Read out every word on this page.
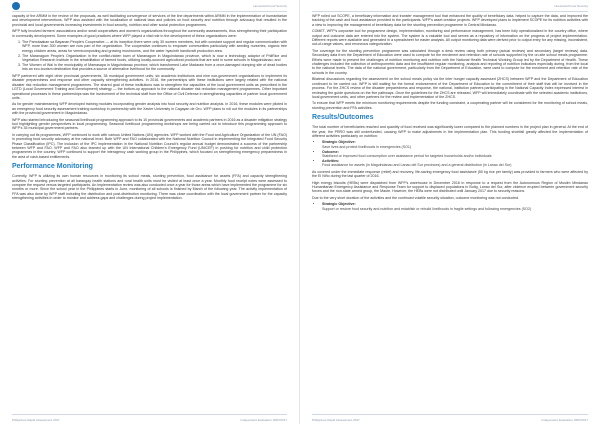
Household Food Security

capacity of the ARMM in the review of the proposals, as well facilitating convergence of services of the line departments within ARMM in the implementation of humanitarian and development interventions. WFP also assisted with the localization of national laws and policies on food security and nutrition through advocacy that resulted in the provincial and local governments increasing investments in food security, nutrition and other social protection programmes.

WFP fully involved farmers' associations and/or small cooperatives and women's organizations throughout the community assessments, thus strengthening their participation in community development. Some examples of good practices where WFP played a vital role in the development of these organizations were:

1. The Pamulaakan sa Bayanan People's Cooperative — at its inception there were only 30 women members, but with constant support and regular communication with WFP, more than 300 women are now part of the organization. The cooperative continues to empower communities particularly with seeding nurseries, organic tree energy chicken areas, areas for vermicomposting and growing mushrooms, and the water hyacinth handicraft production area.
2. The Maranagum People's Organization in the conflict-ridden town of Maranagum in Maguindanao province, which is now a technology adaptor of PhilRice and Vegetation Research Institute in the rehabilitation of farmed foods, utilizing locally-sourced agricultural products that are sold in some schools in Maguindanao; and
3. The Women of Wai in the municipality of Mamasapa in Maguindanao province, which transformed Lake Madaraw from a once-damaged dumping site of dead bodies into an eco-tourism destination that provides a source of alternative livelihood for the community.

WFP partnered with eight other provincial governments, 38 municipal government units, six academic institutions and nine non-government organizations to implement its disaster preparedness and response and other capacity strengthening activities. In 2016, the partnerships with these institutions were largely related with the national disaster risk reduction management programmes. The shared goal of these institutions was to strengthen the capacities of the local government units as prescribed in the LGTD (Local Government Training and Development) strategy — the bottom-up approach to the national disaster risk reduction management programmes. Other important operational processes in these partnerships was the involvement of the technical staff from the Office of Civil Defense in strengthening capacities of partner local government units.

As for gender mainstreaming WFP developed training modules incorporating gender analysis into food security and nutrition analysis. In 2016, these modules were piloted in an emergency food security assessment training workshop in partnership with the Xavier University in Cagayan de Oro. WFP plans to roll out the modules in its partnerships with the provincial government in Maguindanao.

WFP also started introducing the seasonal livelihood programming approach to its 10 provincial governments and academic partners in 2016 as a disaster mitigation strategy tool highlighting gender perspectives in local programming. Seasonal livelihood programming workshops are being carried out to introduce this programming approach to WFP's 35 municipal government partners.

In carrying out its programmes, WFP continued to work with various United Nations (UN) agencies. WFP worked with the Food and Agriculture Organization of the UN (FAO) in promoting food security advocacy at the national level. Both WFP and FAO collaborated with the National Nutrition Council in implementing the Integrated Food Security Phase Classification (IPC). The inclusion of the IPC implementation in the National Nutrition Council's regular annual budget demonstrated a success of the partnership between WFP and FAO. WFP and FAO also teamed up with the UN International Children's Emergency Fund (UNICEF) in pushing for nutrition and child protection programmes in the country. WFP continued to support the interagency cash working group in the Philippines, which focused on strengthening emergency preparedness in the area of cash-based entitlements.

Performance Monitoring

Currently, WFP is utilizing its own human resources in monitoring its school meals, stunting prevention, food assistance for assets (FFA) and capacity strengthening activities. For stunting prevention at all barangay health stations and rural health units must be visited at least once a year. Monthly food receipt notes were assessed to compare the request versus targeted participants. An implementation review was also conducted once a year for those areas which have implemented the programme for six months or more. Since the school year in the Philippines starts in June, monitoring of all schools is finished by March of the following year. The activity implementation of FFA was also done by WFP staff including the distribution and post-distribution monitoring. There was close coordination with the local government partner for the capacity strengthening activities in order to monitor and address gaps and challenges during project implementation.

Philippines Rapid Assessment 2017	Independent Evaluation WFP/2017
Household Food Security

WFP rolled out SCOPE, a beneficiary information and transfer management tool that enhanced the quality of beneficiary data, helped to capture the data, and improved the tracking of the cash and food assistance provided to the participants. WFP's asset creation projects. WFP developed plans to implement SCOPE for its nutrition activities with a view to improving the management of beneficiary data for the stunting prevention programme in Central Mindanao.

COMET, WFP's corporate tool for programme design, implementation, monitoring and performance management, has been fully operationalized in the country office, where output and outcome data are entered into the system. The system is a valuable tool and serves as a repository of information on the progress of project implementation. Different reports were available and generated in a spreadsheet for easier analysis. All output monitoring data were derived prior to output entry for any missing, inconsistent, out-of-range values, and erroneous categorization.

The coverage for the stunting prevention programme was calculated through a desk review using both primary (actual reviews) and secondary (target reviews) data. Secondary data from the Department of Education were used to compute for the enrolment and retention rate of schools supported by the on-site school meals programme. Efforts were made to present the challenges of nutrition monitoring and nutrition with the National Health Technical Working Group led by the Department of Health. These challenges included the collection of anthropometric data and the insufficient regular monitoring, analysis and reporting of nutrition indicators especially during, from the local to the national levels. The data of the national government, particularly from the Department of Education, were used to compute for the enrolment and retention rate of the schools in the country.

Bilateral discussions regarding the assessment on the school meals policy via the inter hunger capacity assessed (ZHCS) between WFP and the Department of Education continued to be carried out. WFP is still waiting for the formal endorsement of the Department of Education to the commitment of their staff that will be involved in the process. For the ZHCS review of the disaster preparedness and response, the national, institution partners participating in the National Capacity Index expressed interest in reviewing the guide questions on the five pathways. Once the guidelines for the ZHCS are released, WFP will immediately coordinate with the selected academic institutions, local government units, and other partners for the review and implementation of the ZHCS.

To ensure that WFP meets the minimum monitoring requirements despite the funding constraint, a cooperating partner will be considered for the monitoring of school meals, stunting prevention and FFA activities.

Results/Outcomes

The total number of beneficiaries reached and quantity of food received was significantly lower compared to the planned numbers in the project plan in general. At the end of the year, the PRRO was still underfunded, causing WFP to make adjustments in the implementation plan. This funding shortfall greatly affected the implementation of different activities particularly on nutrition:

• Strategic Objective:
Save lives and protect livelihoods in emergencies (SO1)
• Outcome:
Stabilized or improved food consumption over assistance period for targeted households and/or individuals
• Activities:
Food assistance for assets (in Maguindanao and Lanao del Sur provinces) and a general distribution (in Lanao del Sur)

As covered under the immediate response (relief) and recovery, life-saving emergency food assistance (50 kg rice per family) was provided to farmers who were affected by the El Niño during the last quarter of 2016.

High energy biscuits (HEBs) were dispatched from WFP's warehouse in December 2016 in response to a request from the Autonomous Region of Muslim Mindanao Humanitarian Emergency Assistance and Response Team for support to displaced populations in Butig, Lanao del Sur, after violence erupted between government security forces and the non-state armed group, the Maute. However, the HEBs were not distributed until January 2017 due to security reasons.

Due to the very short duration of the activities and the continued volatile security situation, outcome monitoring was not conducted.

• Strategic Objective:
Support or restore food security and nutrition and establish or rebuild livelihoods in fragile settings and following emergencies (SO2)
Philippines Rapid Assessment 2017	Independent Evaluation WFP/2017
